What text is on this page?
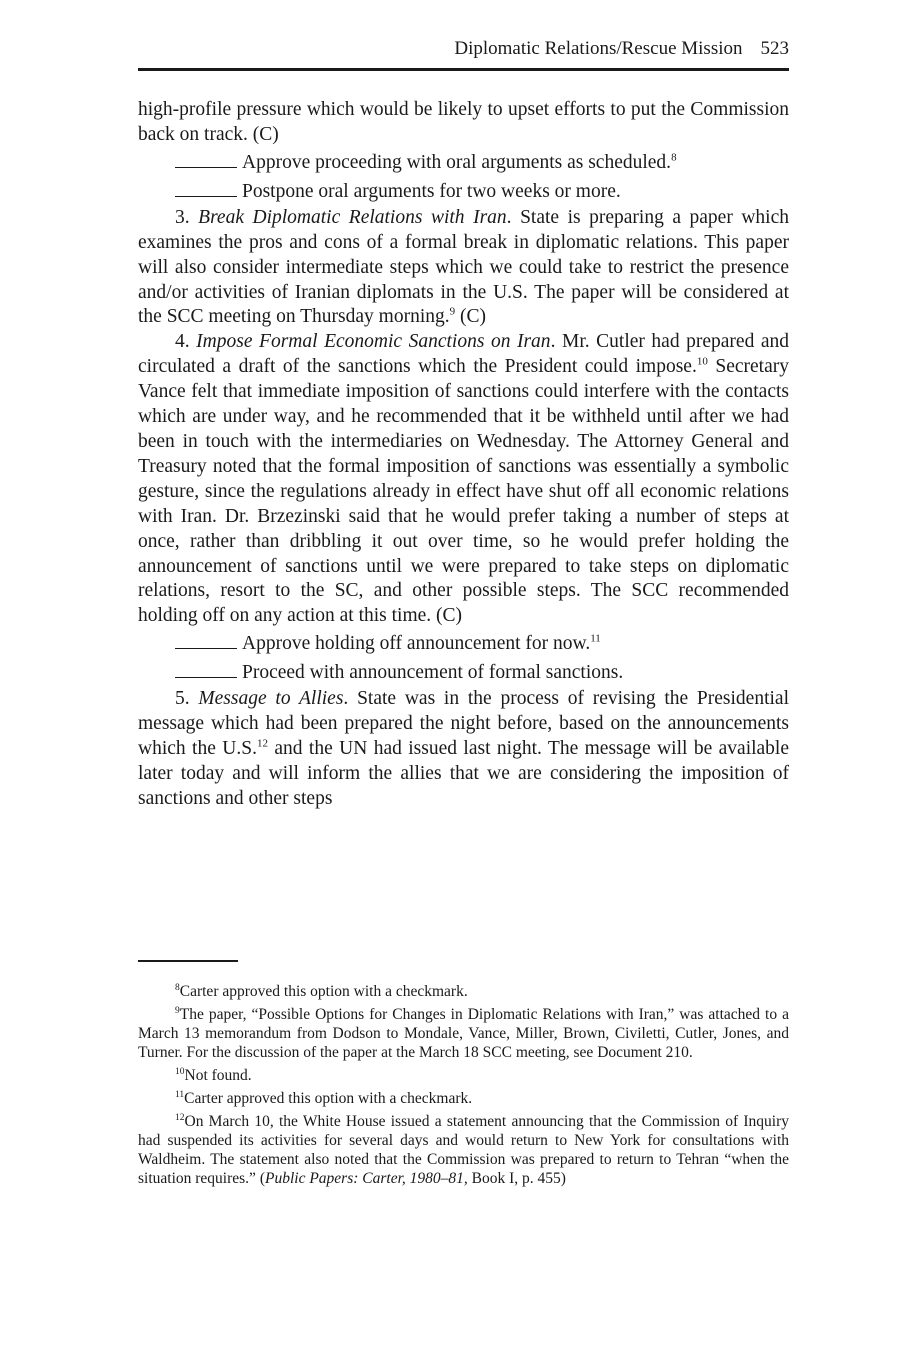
Diplomatic Relations/Rescue Mission 523

high-profile pressure which would be likely to upset efforts to put the Commission back on track. (C)

Approve proceeding with oral arguments as scheduled.$^8$

Postpone oral arguments for two weeks or more.

3. Break Diplomatic Relations with Iran. State is preparing a paper which examines the pros and cons of a formal break in diplomatic relations. This paper will also consider intermediate steps which we could take to restrict the presence and/or activities of Iranian diplomats in the U.S. The paper will be considered at the SCC meeting on Thursday morning.$^9$ (C)

4. Impose Formal Economic Sanctions on Iran. Mr. Cutler had prepared and circulated a draft of the sanctions which the President could impose.$^{10}$ Secretary Vance felt that immediate imposition of sanctions could interfere with the contacts which are under way, and he recommended that it be withheld until after we had been in touch with the intermediaries on Wednesday. The Attorney General and Treasury noted that the formal imposition of sanctions was essentially a symbolic gesture, since the regulations already in effect have shut off all economic relations with Iran. Dr. Brzezinski said that he would prefer taking a number of steps at once, rather than dribbling it out over time, so he would prefer holding the announcement of sanctions until we were prepared to take steps on diplomatic relations, resort to the SC, and other possible steps. The SCC recommended holding off on any action at this time. (C)

Approve holding off announcement for now.$^{11}$

Proceed with announcement of formal sanctions.

5. Message to Allies. State was in the process of revising the Presidential message which had been prepared the night before, based on the announcements which the U.S.$^{12}$ and the UN had issued last night. The message will be available later today and will inform the allies that we are considering the imposition of sanctions and other steps

$^8$Carter approved this option with a checkmark.

$^9$The paper, “Possible Options for Changes in Diplomatic Relations with Iran,” was attached to a March 13 memorandum from Dodson to Mondale, Vance, Miller, Brown, Civiletti, Cutler, Jones, and Turner. For the discussion of the paper at the March 18 SCC meeting, see Document 210.

$^{10}$Not found.

$^{11}$Carter approved this option with a checkmark.

$^{12}$On March 10, the White House issued a statement announcing that the Commission of Inquiry had suspended its activities for several days and would return to New York for consultations with Waldheim. The statement also noted that the Commission was prepared to return to Tehran “when the situation requires.” (Public Papers: Carter, 1980–81, Book I, p. 455)
